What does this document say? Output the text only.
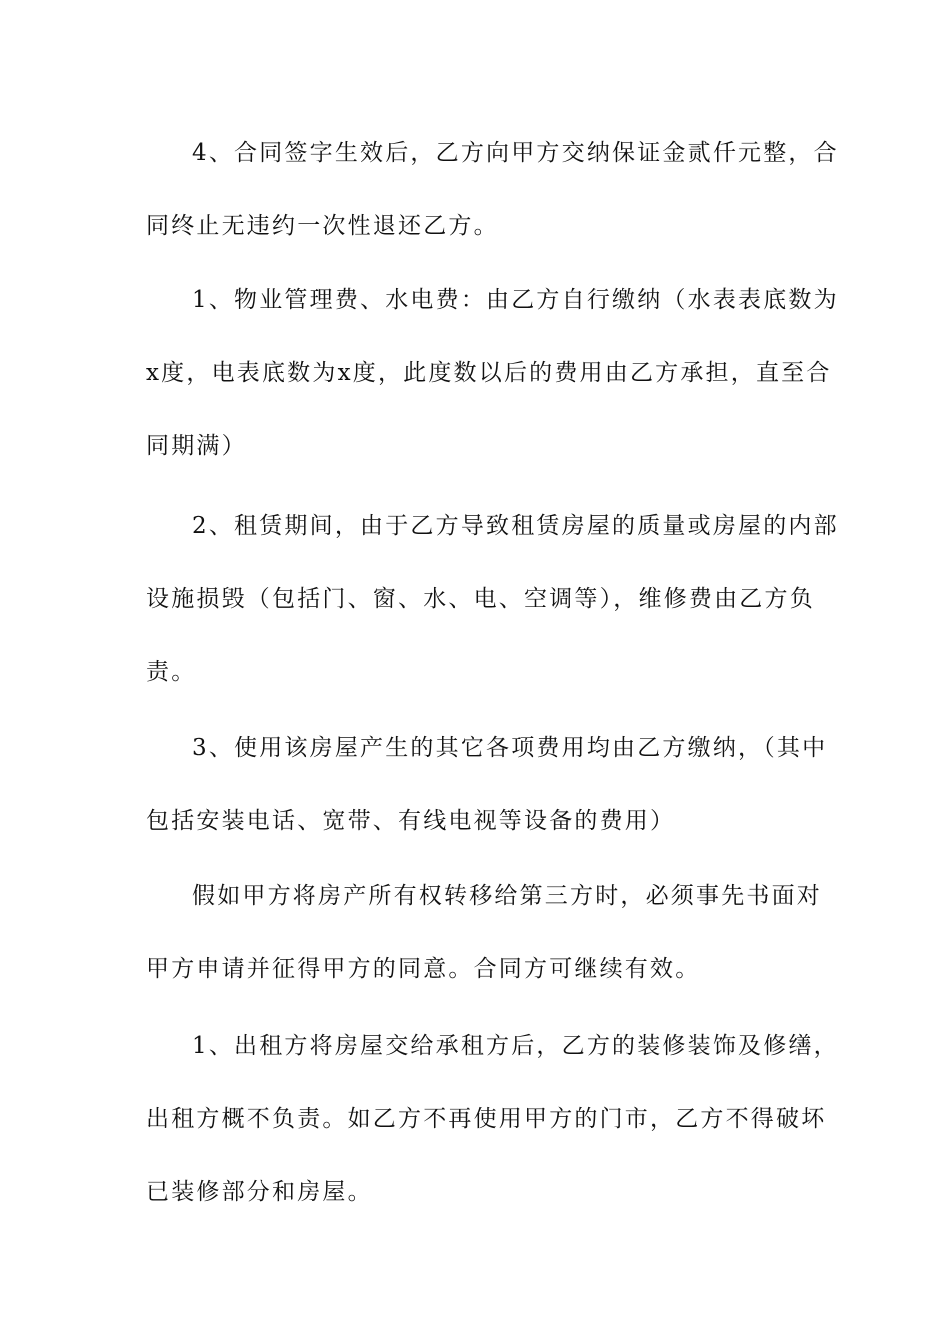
4、合同签字生效后，乙方向甲方交纳保证金贰仟元整，合
同终止无违约一次性退还乙方。
1、物业管理费、水电费：由乙方自行缴纳（水表表底数为
x度，电表底数为x度，此度数以后的费用由乙方承担，直至合
同期满）
2、租赁期间，由于乙方导致租赁房屋的质量或房屋的内部
设施损毁（包括门、窗、水、电、空调等），维修费由乙方负
责。
3、使用该房屋产生的其它各项费用均由乙方缴纳，（其中
包括安装电话、宽带、有线电视等设备的费用）
假如甲方将房产所有权转移给第三方时，必须事先书面对
甲方申请并征得甲方的同意。合同方可继续有效。
1、出租方将房屋交给承租方后，乙方的装修装饰及修缮，
出租方概不负责。如乙方不再使用甲方的门市，乙方不得破坏
已装修部分和房屋。
